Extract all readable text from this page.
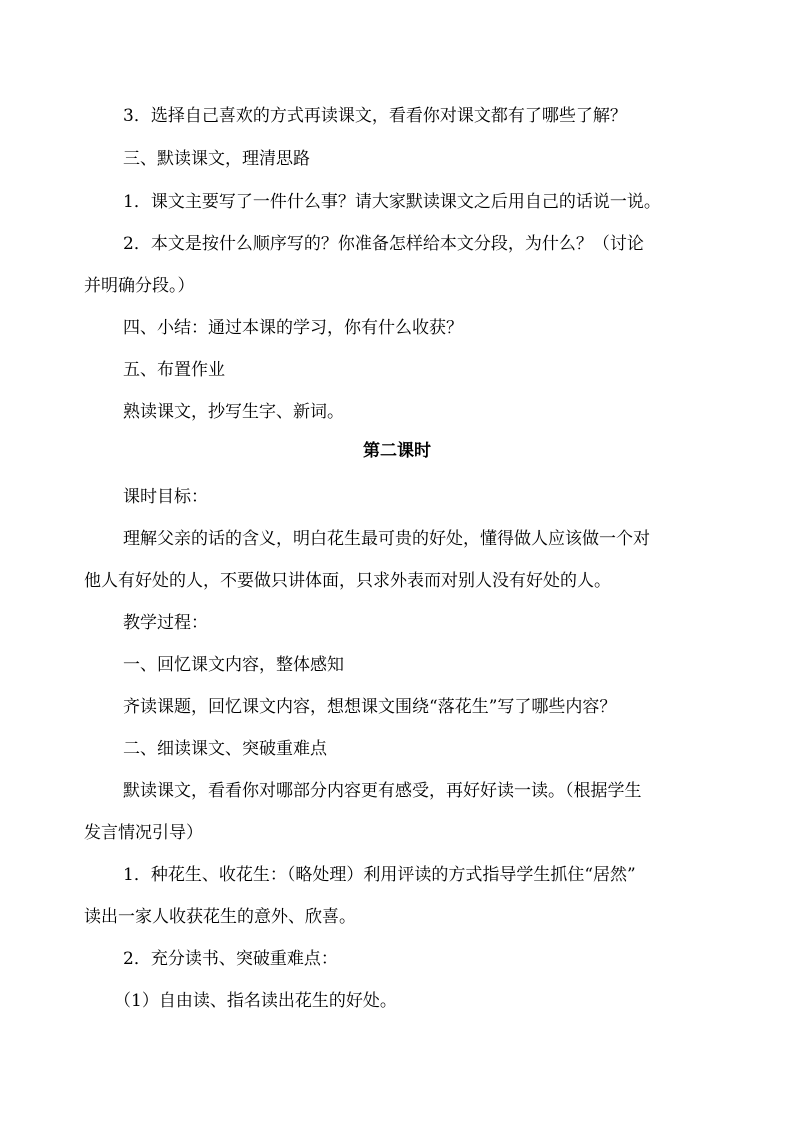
3．选择自己喜欢的方式再读课文，看看你对课文都有了哪些了解？
三、默读课文，理清思路
1．课文主要写了一件什么事？请大家默读课文之后用自己的话说一说。
2．本文是按什么顺序写的？你准备怎样给本文分段，为什么？（讨论
并明确分段。）
四、小结：通过本课的学习，你有什么收获？
五、布置作业
熟读课文，抄写生字、新词。
第二课时
课时目标：
理解父亲的话的含义，明白花生最可贵的好处，懂得做人应该做一个对
他人有好处的人，不要做只讲体面，只求外表而对别人没有好处的人。
教学过程：
一、回忆课文内容，整体感知
齐读课题，回忆课文内容，想想课文围绕“落花生”写了哪些内容？
二、细读课文、突破重难点
默读课文，看看你对哪部分内容更有感受，再好好读一读。（根据学生
发言情况引导）
1．种花生、收花生：（略处理）利用评读的方式指导学生抓住“居然”
读出一家人收获花生的意外、欣喜。
2．充分读书、突破重难点：
（1）自由读、指名读出花生的好处。
